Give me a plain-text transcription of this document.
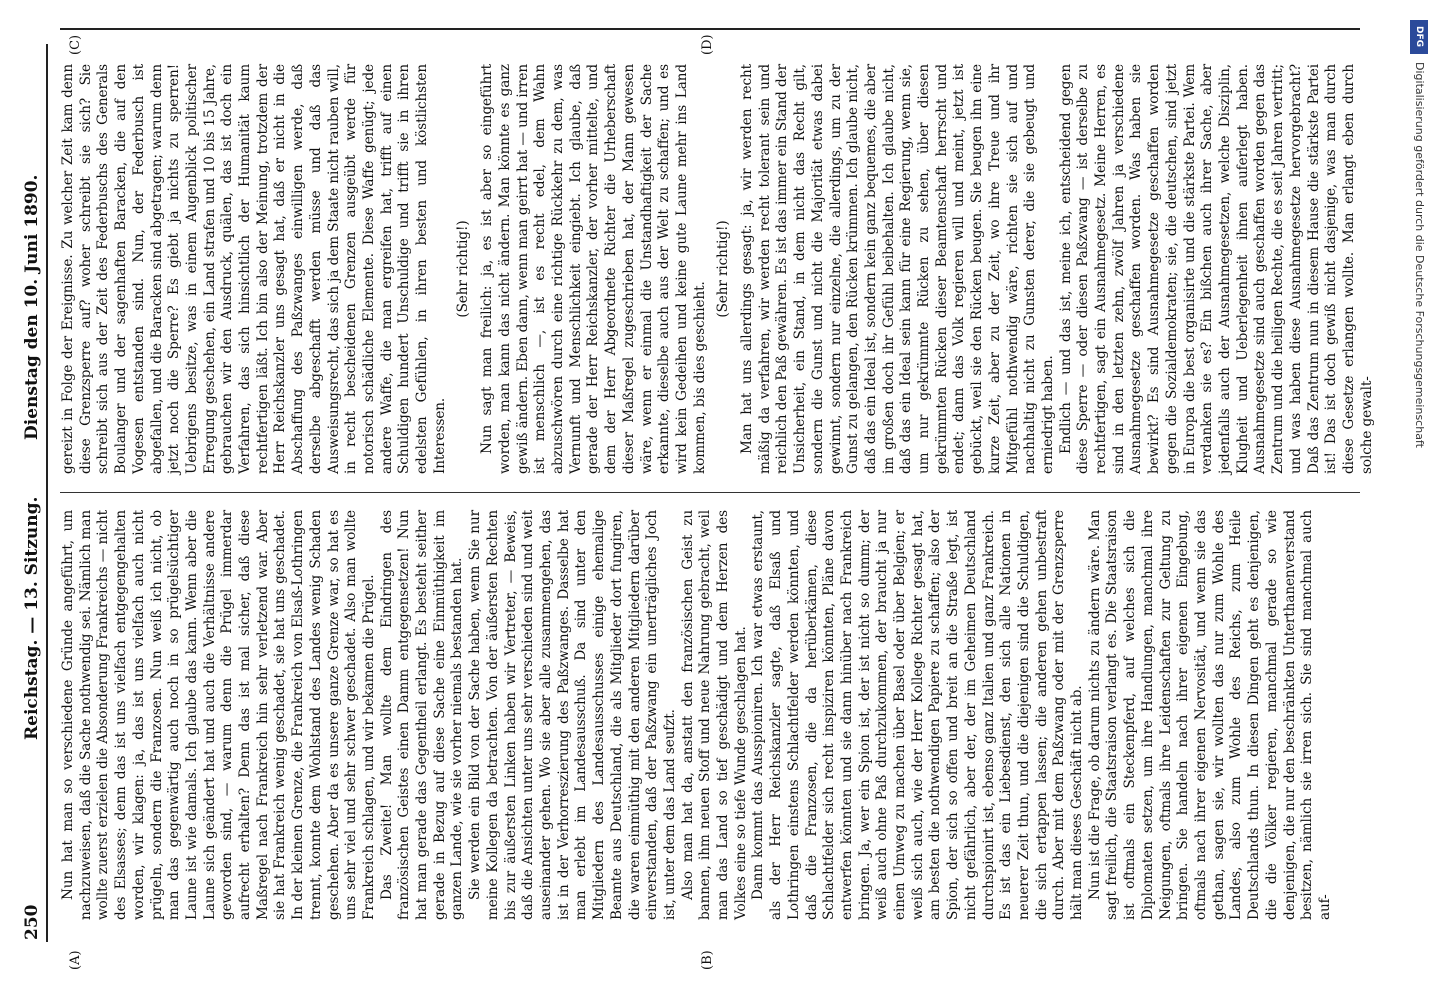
250
Reichstag. — 13. Sitzung.
Dienstag den 10. Juni 1890.
(A)	(B)
(C)	(D)

Nun hat man so verschiedene Gründe angeführt, um nachzuweisen, daß die Sache nothwendig sei. Nämlich man wollte zuerst erzielen die Absonderung Frankreichs — nicht des Elsasses; denn das ist uns vielfach entgegengehalten worden, wir klagen: ja, das ist uns vielfach auch nicht prügeln, sondern die Franzosen. Nun weiß ich nicht, ob man das gegenwärtig auch noch in so prügelsüchtiger Laune ist wie damals. Ich glaube das kann. Wenn aber die Laune sich geändert hat und auch die Verhältnisse andere geworden sind, — warum denn die Prügel immerdar aufrecht erhalten? Denn das ist mal sicher, daß diese Maßregel nach Frankreich hin sehr verletzend war. Aber sie hat Frankreich wenig geschadet, sie hat uns geschadet. In der kleinen Grenze, die Frankreich von Elsaß-Lothringen trennt, konnte dem Wohlstand des Landes wenig Schaden geschehen. Aber da es unsere ganze Grenze war, so hat es uns sehr viel und sehr schwer geschadet. Also man wollte Frankreich schlagen, und wir bekamen die Prügel. Das Zweite! Man wollte dem Eindringen des französischen Geistes einen Damm entgegensetzen! Nun hat man gerade das Gegentheil erlangt. Es besteht seither gerade in Bezug auf diese Sache eine Einmüthigkeit im ganzen Lande, wie sie vorher niemals bestanden hat. Sie werden ein Bild von der Sache haben, wenn Sie nur meine Kollegen da betrachten. Von der äußersten Rechten bis zur äußersten Linken haben wir Vertreter, — Beweis, daß die Ansichten unter uns sehr verschieden sind und weit auseinander gehen. Wo sie aber alle zusammengehen, das ist in der Verhorreszierung des Paßzwanges. Dasselbe hat man erlebt im Landesausschuß. Da sind unter den Mitgliedern des Landesausschusses einige ehemalige Beamte aus Deutschland, die als Mitglieder dort fungiren, die waren einmüthig mit den anderen Mitgliedern darüber einverstanden, daß der Paßzwang ein unerträgliches Joch ist, unter dem das Land seufzt. Also man hat da, anstatt den französischen Geist zu bannen, ihm neuen Stoff und neue Nahrung gebracht, weil man das Land so tief geschädigt und dem Herzen des Volkes eine so tiefe Wunde geschlagen hat. Dann kommt das Ausspioniren. Ich war etwas erstaunt, als der Herr Reichskanzler sagte, daß Elsaß und Lothringen einstens Schlachtfelder werden könnten, und daß die Franzosen, die da herüberkämen, diese Schlachtfelder sich recht inspiziren könnten, Pläne davon entwerfen könnten und sie dann hinüber nach Frankreich bringen. Ja, wer ein Spion ist, der ist nicht so dumm; der weiß auch ohne Paß durchzukommen, der braucht ja nur einen Umweg zu machen über Basel oder über Belgien; er weiß sich auch, wie der Herr Kollege Richter gesagt hat, am besten die nothwendigen Papiere zu schaffen; also der Spion, der sich so offen und breit an die Straße legt, ist nicht gefährlich, aber der, der im Geheimen Deutschland durchspionirt ist, ebenso ganz Italien und ganz Frankreich. Es ist das ein Liebesdienst, den sich alle Nationen in neuerer Zeit thun, und die diejenigen sind die Schuldigen, die sich ertappen lassen; die anderen gehen unbestraft durch. Aber mit dem Paßzwang oder mit der Grenzsperre hält man dieses Geschäft nicht ab. Nun ist die Frage, ob darum nichts zu ändern wäre. Man sagt freilich, die Staatsraison verlangt es. Die Staatsraison ist oftmals ein Steckenpferd, auf welches sich die Diplomaten setzen, um ihre Handlungen, manchmal ihre Neigungen, oftmals ihre Leidenschaften zur Geltung zu bringen. Sie handeln nach ihrer eigenen Eingebung, oftmals nach ihrer eigenen Nervosität, und wenn sie das gethan, sagen sie, wir wollten das nur zum Wohle des Landes, also zum Wohle des Reichs, zum Heile Deutschlands thun. In diesen Dingen geht es denjenigen, die die Völker regieren, manchmal gerade so wie denjenigen, die nur den beschränkten Unterthanenverstand besitzen, nämlich sie irren sich. Sie sind manchmal auch auf-

gereizt in Folge der Ereignisse. Zu welcher Zeit kam denn diese Grenzsperre auf? woher schreibt sie sich? Sie schreibt sich aus der Zeit des Federbuschs des Generals Boulanger und der sagenhaften Baracken, die auf den Vogesen entstanden sind. Nun, der Federbusch ist abgefallen, und die Baracken sind abgetragen; warum denn jetzt noch die Sperre? Es giebt ja nichts zu sperren! Uebrigens besitze, was in einem Augenblick politischer Erregung geschehen, ein Land strafen und 10 bis 15 Jahre, gebrauchen wir den Ausdruck, quälen, das ist doch ein Verfahren, das sich hinsichtlich der Humanität kaum rechtfertigen läßt. Ich bin also der Meinung, trotzdem der Herr Reichskanzler uns gesagt hat, daß er nicht in die Abschaffung des Paßzwanges einwilligen werde, daß derselbe abgeschafft werden müsse und daß das Ausweisungsrecht, das sich ja dem Staate nicht rauben will, in recht bescheidenen Grenzen ausgeübt werde für notorisch schädliche Elemente. Diese Waffe genügt; jede andere Waffe, die man ergreifen hat, trifft auf einen Schuldigen hundert Unschuldige und trifft sie in ihren edelsten Gefühlen, in ihren besten und köstlichsten Interessen.

(Sehr richtig!) Nun sagt man freilich: ja, es ist aber so eingeführt worden, man kann das nicht ändern. Man könnte es ganz gewiß ändern. Eben dann, wenn man geirrt hat — und irren ist menschlich —, ist es recht edel, dem Wahn abzuschwören durch eine richtige Rückkehr zu dem, was Vernunft und Menschlichkeit eingiebt. Ich glaube, daß gerade der Herr Reichskanzler, der vorher mittelte, und dem der Herr Abgeordnete Richter die Urheberschaft dieser Maßregel zugeschrieben hat, der Mann gewesen wäre, wenn er einmal die Unstandhaftigkeit der Sache erkannte, dieselbe auch aus der Welt zu schaffen; und es wird kein Gedeihen und keine gute Laune mehr ins Land kommen, bis dies geschieht.

(Sehr richtig!) Man hat uns allerdings gesagt: ja, wir werden recht mäßig da verfahren, wir werden recht tolerant sein und reichlich den Paß gewähren. Es ist das immer ein Stand der Unsicherheit, ein Stand, in dem nicht das Recht gilt, sondern die Gunst und nicht die Majorität etwas dabei gewinnt, sondern nur einzelne, die allerdings, um zu der Gunst zu gelangen, den Rücken krümmen. Ich glaube nicht, daß das ein Ideal ist, sondern kein ganz bequemes, die aber im großen doch ihr Gefühl beibehalten. Ich glaube nicht, daß das ein Ideal sein kann für eine Regierung, wenn sie, um nur gekrümmte Rücken zu sehen, über diesen gekrümmten Rücken dieser Beamtenschaft herrscht und endet; dann das Volk regieren will und meint, jetzt ist gebückt, weil sie den Rücken beugen. Sie beugen ihn eine kurze Zeit, aber zu der Zeit, wo ihre Treue und ihr Mitgefühl nothwendig wäre, richten sie sich auf und nachhaltig nicht zu Gunsten derer, die sie gebeugt und erniedrigt haben. Endlich — und das ist, meine ich, entscheidend gegen diese Sperre — oder diesen Paßzwang — ist derselbe zu rechtfertigen, sagt ein Ausnahmegesetz. Meine Herren, es sind in den letzten zehn, zwölf Jahren ja verschiedene Ausnahmegesetze geschaffen worden. Was haben sie bewirkt? Es sind Ausnahmegesetze geschaffen worden gegen die Sozialdemokraten; sie, die deutschen, sind jetzt in Europa die best organisirte und die stärkste Partei. Wem verdanken sie es? Ein bißchen auch ihrer Sache, aber jedenfalls auch der Ausnahmegesetzen, welche Disziplin, Klugheit und Ueberlegenheit ihnen auferlegt haben. Ausnahmegesetze sind auch geschaffen worden gegen das Zentrum und die heiligen Rechte, die es seit Jahren vertritt; und was haben diese Ausnahmegesetze hervorgebracht? Daß das Zentrum nun in diesem Hause die stärkste Partei ist! Das ist doch gewiß nicht dasjenige, was man durch diese Gesetze erlangen wollte. Man erlangt eben durch solche gewalt-

DFG
Digitalisierung gefördert durch die Deutsche Forschungsgemeinschaft
